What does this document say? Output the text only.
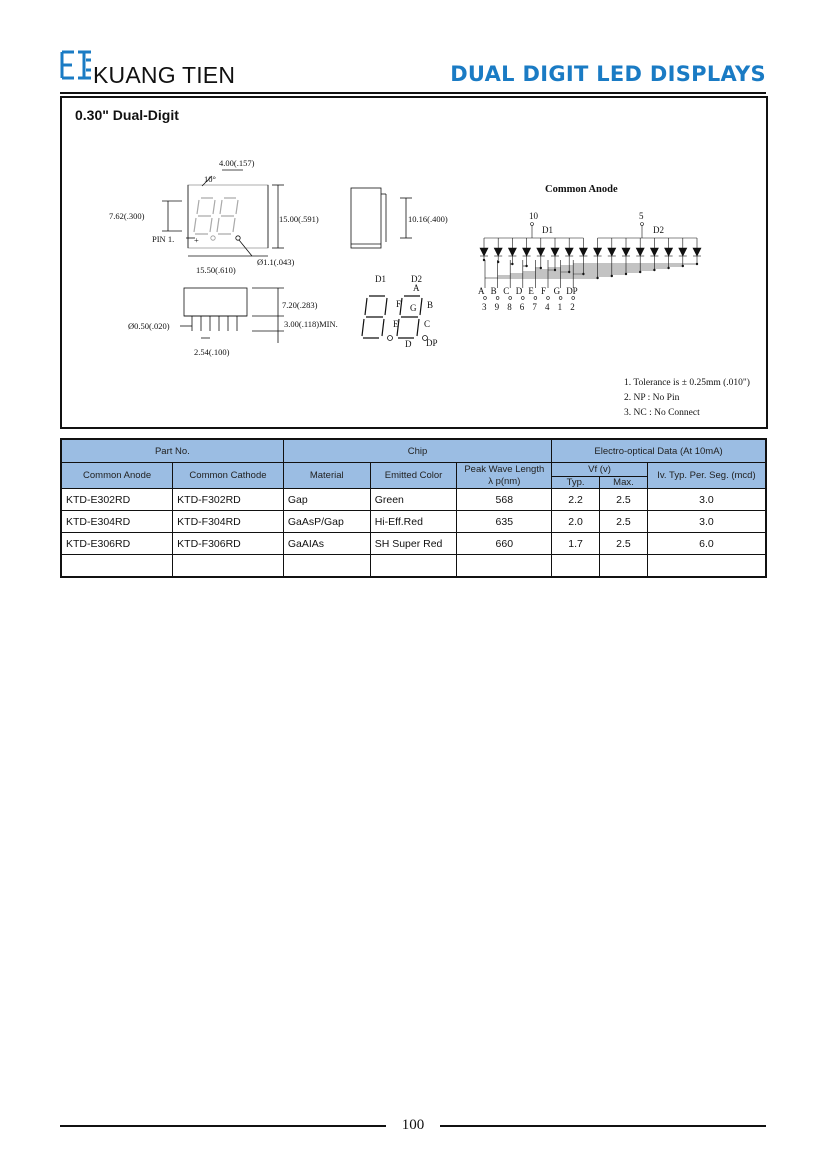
KUANG TIEN	DUAL DIGIT LED DISPLAYS
0.30" Dual-Digit
4.00(.157)
10°
7.62(.300)	15.00(.591)
PIN 1. +
Ø1.1(.043)
15.50(.610)
10.16(.400)
7.20(.283)
3.00(.118)MIN.
Ø0.50(.020)
2.54(.100)
D1	D2
A
B
C
D
E
F G
DP
Common Anode
10	5
D1	D2
A
3
B
9
C
8
D
6
E
7
F
4
G
1
DP
2
1. Tolerance is ± 0.25mm (.010")
2. NP : No Pin
3. NC : No Connect
Part No.		Chip			Electro-optical Data (At 10mA)		
Common Anode	Common Cathode	Material	Emitted Color	Peak Wave Length
λ p(nm)	Vf (v)		Iv. Typ. Per. Seg. (mcd)
					Typ.	Max.	
KTD-E302RD	KTD-F302RD	Gap	Green	568	2.2	2.5	3.0
KTD-E304RD	KTD-F304RD	GaAsP/Gap	Hi-Eff.Red	635	2.0	2.5	3.0
KTD-E306RD	KTD-F306RD	GaAIAs	SH Super Red	660	1.7	2.5	6.0

100
